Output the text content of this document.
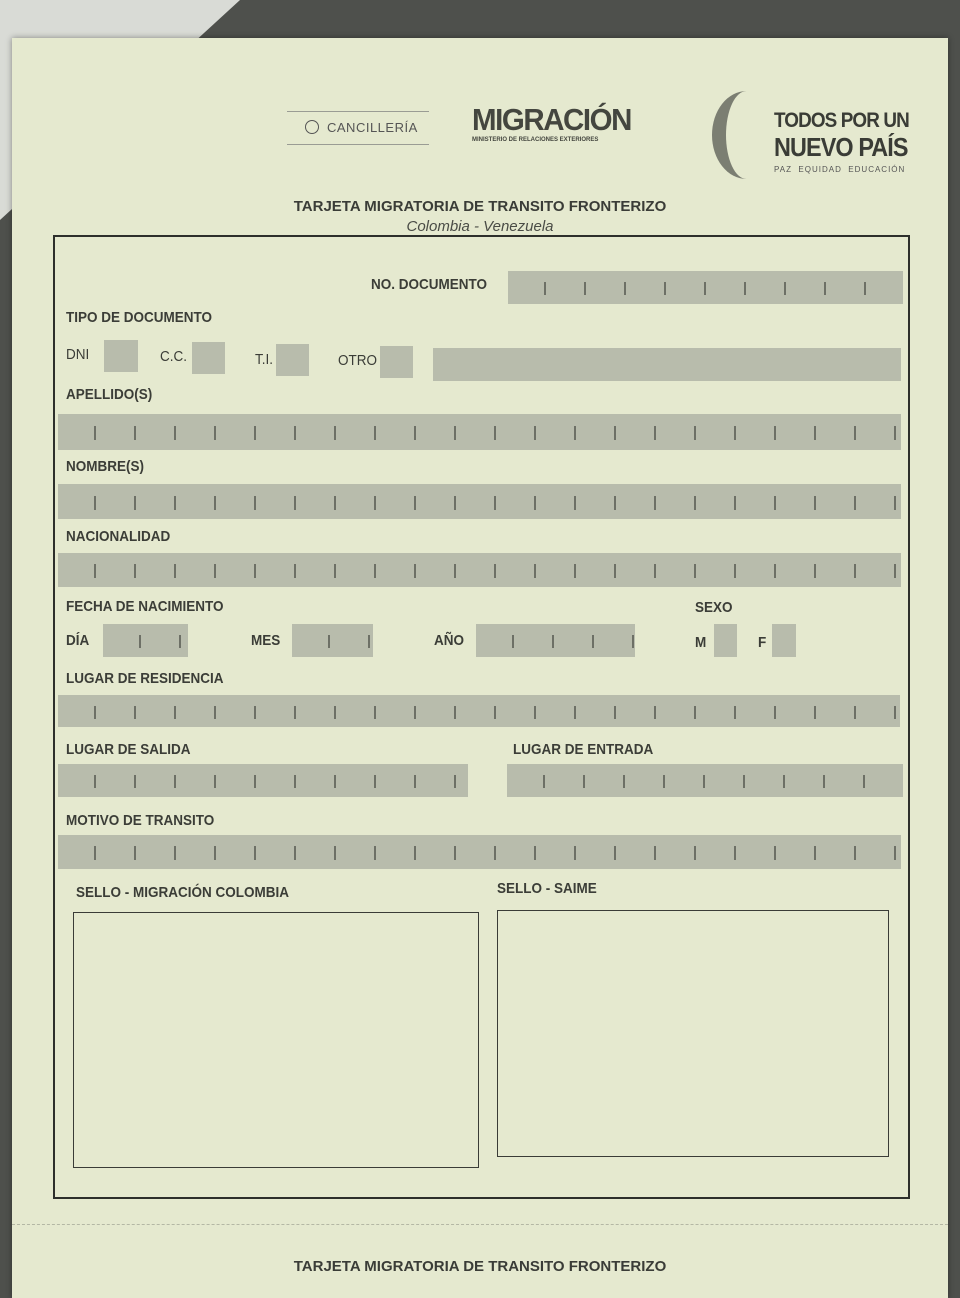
CANCILLERÍA MIGRACIÓN
MINISTERIO DE RELACIONES EXTERIORES
TODOS POR UN
NUEVO PAÍS
PAZ  EQUIDAD  EDUCACIÓN
TARJETA MIGRATORIA DE TRANSITO FRONTERIZO
Colombia - Venezuela
NO. DOCUMENTO
TIPO DE DOCUMENTO
DNI	C.C.	T.I.	OTRO
APELLIDO(S)
NOMBRE(S)
NACIONALIDAD
FECHA DE NACIMIENTO	SEXO
DÍA	MES	AÑO	M	F
LUGAR DE RESIDENCIA
LUGAR DE SALIDA	LUGAR DE ENTRADA
MOTIVO DE TRANSITO
SELLO - MIGRACIÓN COLOMBIA	SELLO - SAIME
TARJETA MIGRATORIA DE TRANSITO FRONTERIZO
